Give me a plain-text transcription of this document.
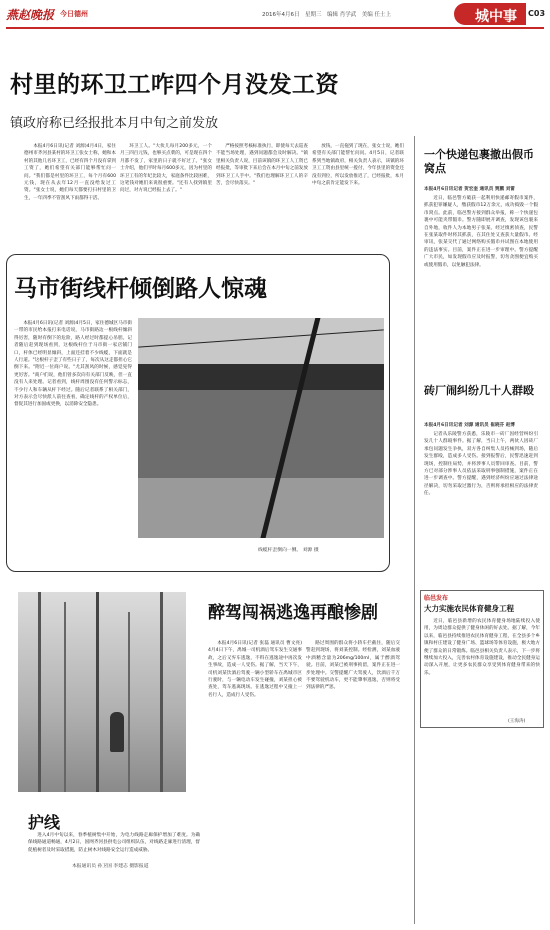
燕赵晚报 今日德州	2016年4月6日　星期三　编辑 肖学武　美编 任士上	城中事 C03
村里的环卫工咋四个月没发工资
镇政府称已经报批本月中旬之前发放

本报4月6日讯(记者 刘源)4月4日，家住德州市齐河县某村的环卫工张女士称，她和本村的其他几名环卫工，已经有四个月没有拿到工资了，她们希望有关部门能够帮忙问一问。"我们都是村里的环卫工，每个月有600元钱，现在从去年12月一直没给发过工资。"张女士说，她们每天都要打扫村里的卫生，一年四季不管刮风下雨都得干活。

环卫工人。"大伙儿每月200多元，一个月三四百元钱，也够买点菜的，可是现在四个月都不发了，家里的日子就不好过了。"张女士介绍，他们平时每月600多元，因为村里的环卫工有的年纪比较大，家庭条件比较困难，这笔钱对她们来说很重要。"还有人找到镇里问过，对方说已经报上去了。"

严格按照考核标准执行，即使每天去巡查不能当场处理，遇到问题都会及时解决。"镇里相关负责人说，目前该镇的环卫工人工资已经报批，等审批下来后会在本月中旬之前发放到环卫工人手中。"我们也理解环卫工人的辛苦，会尽快落实。"

放钱，一直拖到了现在，张女士说，她们希望有关部门能帮忙问问。4月5日，记者联系到当地镇政府，相关负责人表示，该镇的环卫工工资由县里统一拨付，今年县里的资金还没有到位，所以发放推迟了，已经报批，本月中旬之前肯定能发下来。

马市街线杆倾倒路人惊魂

本报4月6日讯(记者 刘源)4月5日，家住德城区马市街一带的市民给本报打来电话说，马市街路边一根线杆倾斜得厉害，随时有倒下的危险，路人经过时都提心吊胆。记者随后赶到现场看到，这根线杆位于马市街一家店铺门口，杆体已经明显倾斜，上面还挂着不少线缆，下面就是人行道。"这根杆子歪了有些日子了，每次从这走都担心它倒下来。"附近一位商户说。"尤其刮风的时候，感觉晃得更厉害。"商户们说，他们曾多次向有关部门反映，但一直没有人来处理。记者看到，线杆周围没有任何警示标志，不少行人和车辆从杆下经过。随后记者联系了相关部门，对方表示会尽快派人前往查看，确定线杆的产权单位后，督促其进行加固或更换，以消除安全隐患。

线缆杆歪倒向一侧。 刘源 摄
醉驾闯祸逃逸再酿惨剧

本报4月6日讯(记者 张磊 通讯员 曹文亮)4月4日下午，禹城一司机酒后驾车发生交通事故，之后又弃车逃逸，不料在逃逸途中再次发生事故，造成一人受伤。据了解，当天下午，司机刘某饮酒后驾驶一辆小型轿车在禹城市区行驶时，与一辆电动车发生碰撞，刘某担心被查处，驾车逃离现场。在逃逸过程中又撞上一名行人，造成行人受伤。

路过周围的群众将小轿车拦截住，随后交警赶到现场，将刘某控制。经检测，刘某血液中酒精含量为206mg/100ml，属于醉酒驾驶。目前，刘某已被刑事拘留，案件正在进一步处理中。交警提醒广大驾驶人，饮酒后千万不要驾驶机动车，更不能肇事逃逸，否则将受到法律的严惩。

护线

进入4月中旬以来，春季植树集中开始，为电力线路走廊保护增加了难度。为确保线路通道畅通，4月2日，国网齐河县供电公司组织队伍，对线路走廊进行清理，督促植树者及时采取措施，防止树木对线路安全运行造成威胁。

本报通讯员 孙卫国 李建志 摄影报道
一个快递包裹撤出假币窝点
本报4月6日讯记者 贺宏奎 通讯员 贾鹏 刘雷

近日，临邑警方破获一起利用快递邮寄假币案件，抓获犯罪嫌疑人，缴获假币12万余元，成功捣毁一个假币窝点。此前，临邑警方接到群众举报，称一个快递包裹中可能夹带假币。警方随即展开调查，发现该包裹来自外地，收件人为本地男子张某。经过缜密侦查，民警在张某取件时将其抓获，在其住处又查获大量假币。经审讯，张某交代了通过网络购买假币并试图在本地使用的违法事实。目前，案件正在进一步审理中。警方提醒广大市民，如发现假币应及时报警，切勿贪图便宜购买或使用假币，以免触犯法律。

砖厂闹纠纷几十人群殴
本报4月6日讯记者 刘源 通讯员 崔晓芬 赵博

记者从乐陵警方获悉，乐陵市一砖厂因经营纠纷引发几十人群殴事件。据了解，当日上午，两伙人因砖厂承包问题发生争执，双方各自纠集人员持械到场，随后发生群殴，造成多人受伤。接到报警后，民警迅速赶到现场，控制住局势，并将涉事人员带回审查。目前，警方已对部分涉事人员依法采取刑事强制措施，案件正在进一步调查中。警方提醒，遇到经济纠纷应通过法律途径解决，切勿采取过激行为，否则将承担相应的法律责任。

临邑发布
大力实施农民体育健身工程

近日，临邑县新增的农民体育健身场地陆续投入使用，为周边群众提供了健身休闲的好去处。据了解，今年以来，临邑县持续推进农民体育健身工程，在全县多个乡镇和村庄建设了健身广场、篮球场等体育设施，极大地方便了群众的日常锻炼。临邑县相关负责人表示，下一步将继续加大投入，完善农村体育设施建设，推动全民健身运动深入开展，让更多农民群众享受到体育健身带来的快乐。

(王海涛)
